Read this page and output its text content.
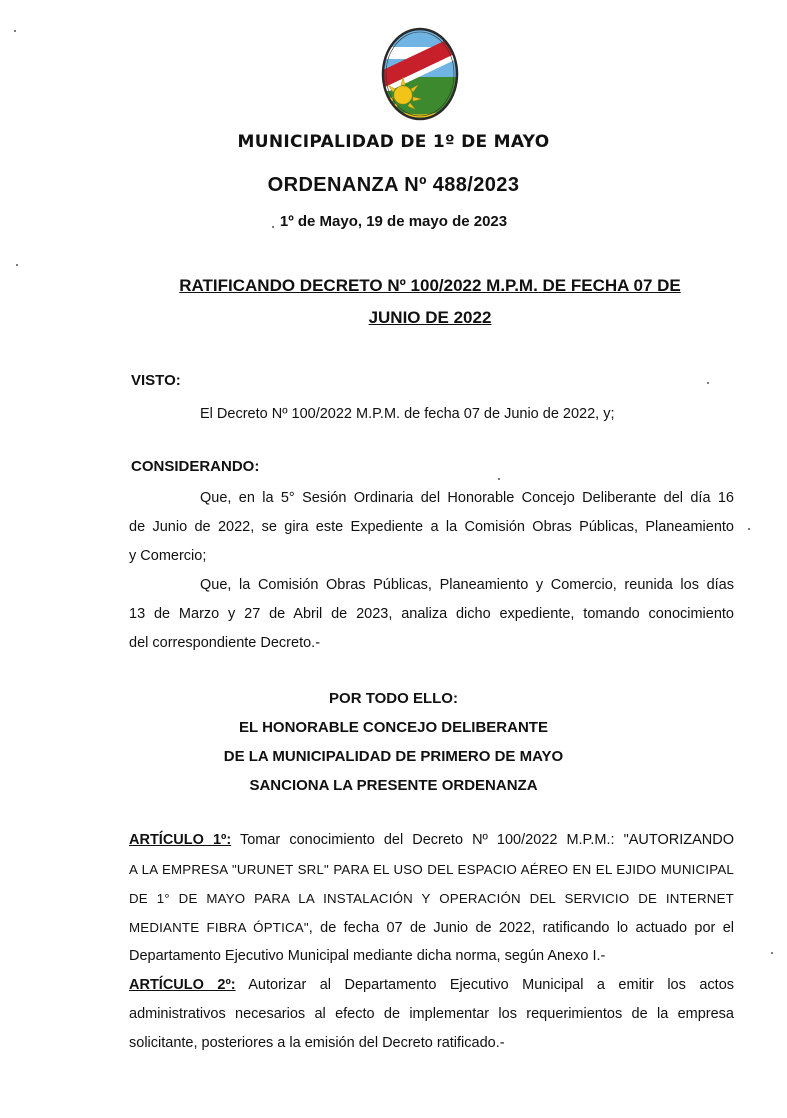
MUNICIPALIDAD DE 1º DE MAYO
ORDENANZA Nº 488/2023
1º de Mayo, 19 de mayo de 2023
RATIFICANDO DECRETO Nº 100/2022 M.P.M. DE FECHA 07 DE
JUNIO DE 2022
VISTO:
El Decreto Nº 100/2022 M.P.M. de fecha 07 de Junio de 2022, y;
CONSIDERANDO:
Que, en la 5° Sesión Ordinaria del Honorable Concejo Deliberante del día 16
de Junio de 2022, se gira este Expediente a la Comisión Obras Públicas, Planeamiento
y Comercio;
Que, la Comisión Obras Públicas, Planeamiento y Comercio, reunida los días
13 de Marzo y 27 de Abril de 2023, analiza dicho expediente, tomando conocimiento
del correspondiente Decreto.-
POR TODO ELLO:
EL HONORABLE CONCEJO DELIBERANTE
DE LA MUNICIPALIDAD DE PRIMERO DE MAYO
SANCIONA LA PRESENTE ORDENANZA
ARTÍCULO 1º: Tomar conocimiento del Decreto Nº 100/2022 M.P.M.: "AUTORIZANDO
A LA EMPRESA "URUNET SRL" PARA EL USO DEL ESPACIO AÉREO EN EL EJIDO MUNICIPAL
DE 1° DE MAYO PARA LA INSTALACIÓN Y OPERACIÓN DEL SERVICIO DE INTERNET
MEDIANTE FIBRA ÓPTICA", de fecha 07 de Junio de 2022, ratificando lo actuado por el
Departamento Ejecutivo Municipal mediante dicha norma, según Anexo I.-
ARTÍCULO 2º: Autorizar al Departamento Ejecutivo Municipal a emitir los actos
administrativos necesarios al efecto de implementar los requerimientos de la empresa
solicitante, posteriores a la emisión del Decreto ratificado.-
